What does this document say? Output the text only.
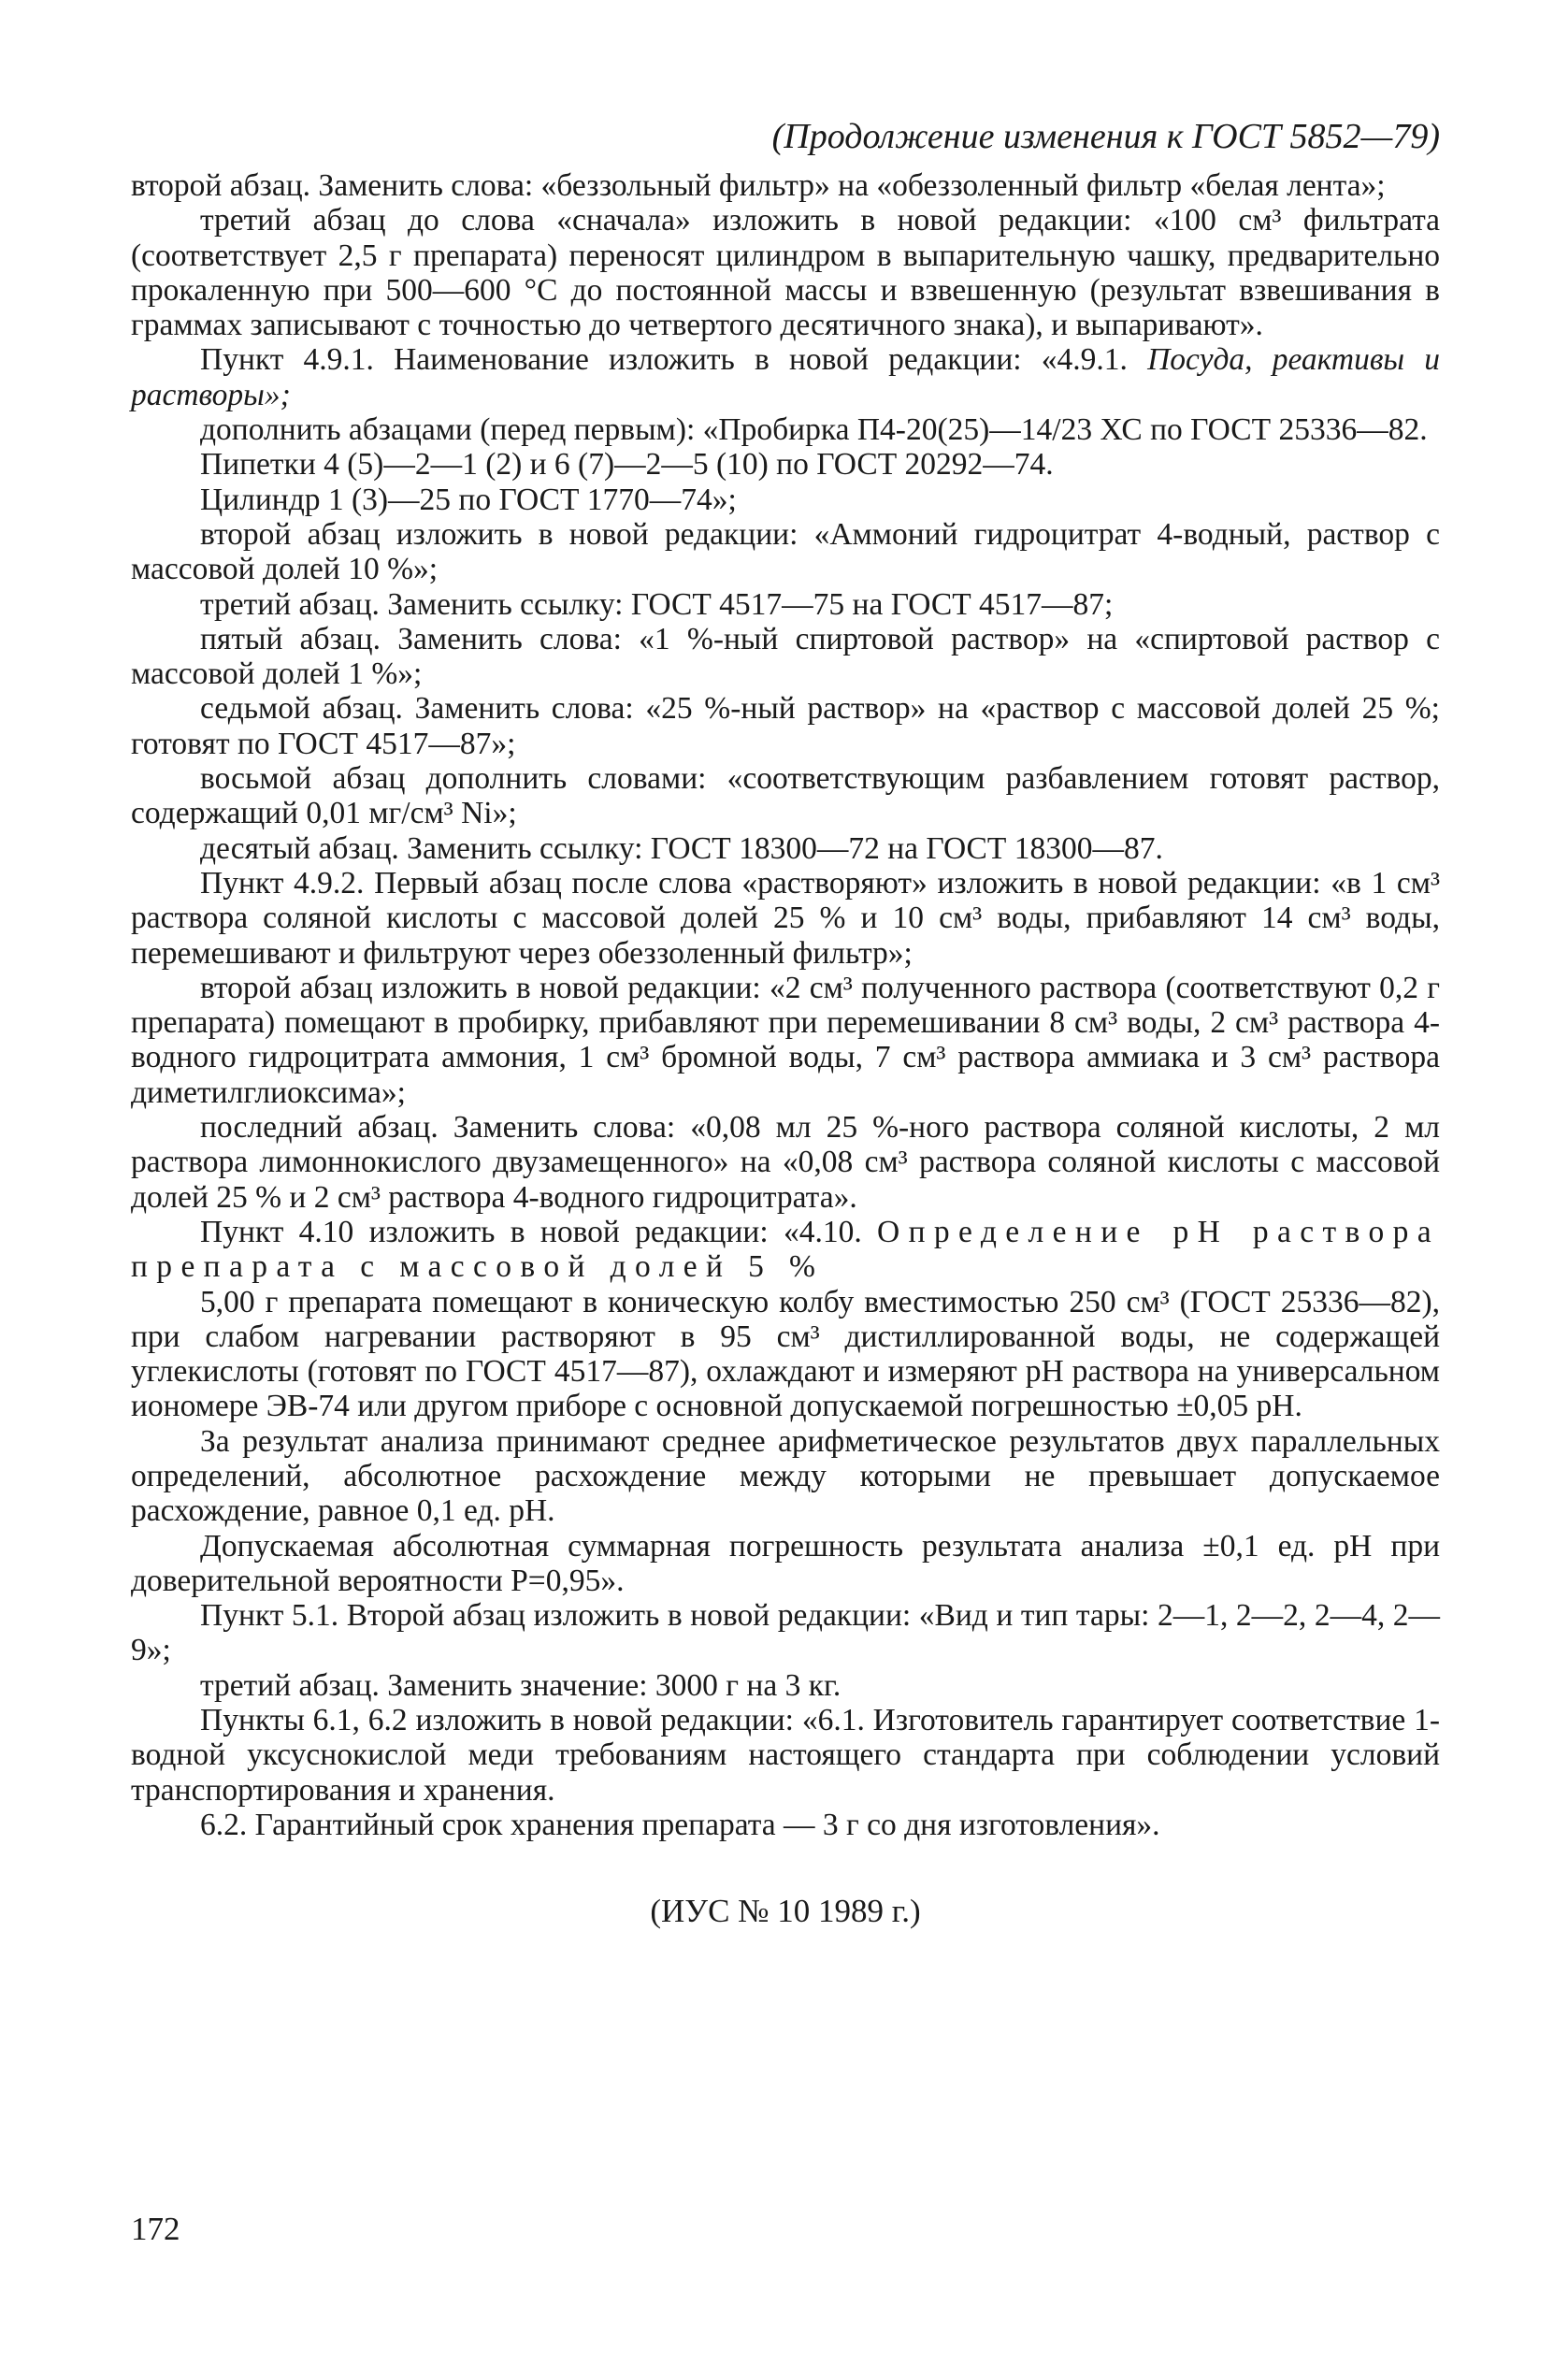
(Продолжение изменения к ГОСТ 5852—79)

второй абзац. Заменить слова: «беззольный фильтр» на «обеззоленный фильтр «белая лента»;

третий абзац до слова «сначала» изложить в новой редакции: «100 см³ фильтрата (соответствует 2,5 г препарата) переносят цилиндром в выпарительную чашку, предварительно прокаленную при 500—600 °С до постоянной массы и взвешенную (результат взвешивания в граммах записывают с точностью до четвертого десятичного знака), и выпаривают».

Пункт 4.9.1. Наименование изложить в новой редакции: «4.9.1. Посуда, реактивы и растворы»;

дополнить абзацами (перед первым): «Пробирка П4-20(25)—14/23 ХС по ГОСТ 25336—82.

Пипетки 4 (5)—2—1 (2) и 6 (7)—2—5 (10) по ГОСТ 20292—74.

Цилиндр 1 (3)—25 по ГОСТ 1770—74»;

второй абзац изложить в новой редакции: «Аммоний гидроцитрат 4-водный, раствор с массовой долей 10 %»;

третий абзац. Заменить ссылку: ГОСТ 4517—75 на ГОСТ 4517—87;

пятый абзац. Заменить слова: «1 %-ный спиртовой раствор» на «спиртовой раствор с массовой долей 1 %»;

седьмой абзац. Заменить слова: «25 %-ный раствор» на «раствор с массовой долей 25 %; готовят по ГОСТ 4517—87»;

восьмой абзац дополнить словами: «соответствующим разбавлением готовят раствор, содержащий 0,01 мг/см³ Ni»;

десятый абзац. Заменить ссылку: ГОСТ 18300—72 на ГОСТ 18300—87.

Пункт 4.9.2. Первый абзац после слова «растворяют» изложить в новой редакции: «в 1 см³ раствора соляной кислоты с массовой долей 25 % и 10 см³ воды, прибавляют 14 см³ воды, перемешивают и фильтруют через обеззоленный фильтр»;

второй абзац изложить в новой редакции: «2 см³ полученного раствора (соответствуют 0,2 г препарата) помещают в пробирку, прибавляют при перемешивании 8 см³ воды, 2 см³ раствора 4-водного гидроцитрата аммония, 1 см³ бромной воды, 7 см³ раствора аммиака и 3 см³ раствора диметилглиоксима»;

последний абзац. Заменить слова: «0,08 мл 25 %-ного раствора соляной кислоты, 2 мл раствора лимоннокислого двузамещенного» на «0,08 см³ раствора соляной кислоты с массовой долей 25 % и 2 см³ раствора 4-водного гидроцитрата».

Пункт 4.10 изложить в новой редакции: «4.10. Определение рН раствора препарата с массовой долей 5 %

5,00 г препарата помещают в коническую колбу вместимостью 250 см³ (ГОСТ 25336—82), при слабом нагревании растворяют в 95 см³ дистиллированной воды, не содержащей углекислоты (готовят по ГОСТ 4517—87), охлаждают и измеряют рН раствора на универсальном иономере ЭВ-74 или другом приборе с основной допускаемой погрешностью ±0,05 рН.

За результат анализа принимают среднее арифметическое результатов двух параллельных определений, абсолютное расхождение между которыми не превышает допускаемое расхождение, равное 0,1 ед. рН.

Допускаемая абсолютная суммарная погрешность результата анализа ±0,1 ед. рН при доверительной вероятности Р=0,95».

Пункт 5.1. Второй абзац изложить в новой редакции: «Вид и тип тары: 2—1, 2—2, 2—4, 2—9»;

третий абзац. Заменить значение: 3000 г на 3 кг.

Пункты 6.1, 6.2 изложить в новой редакции: «6.1. Изготовитель гарантирует соответствие 1-водной уксуснокислой меди требованиям настоящего стандарта при соблюдении условий транспортирования и хранения.

6.2. Гарантийный срок хранения препарата — 3 г со дня изготовления».

(ИУС № 10 1989 г.)
172
